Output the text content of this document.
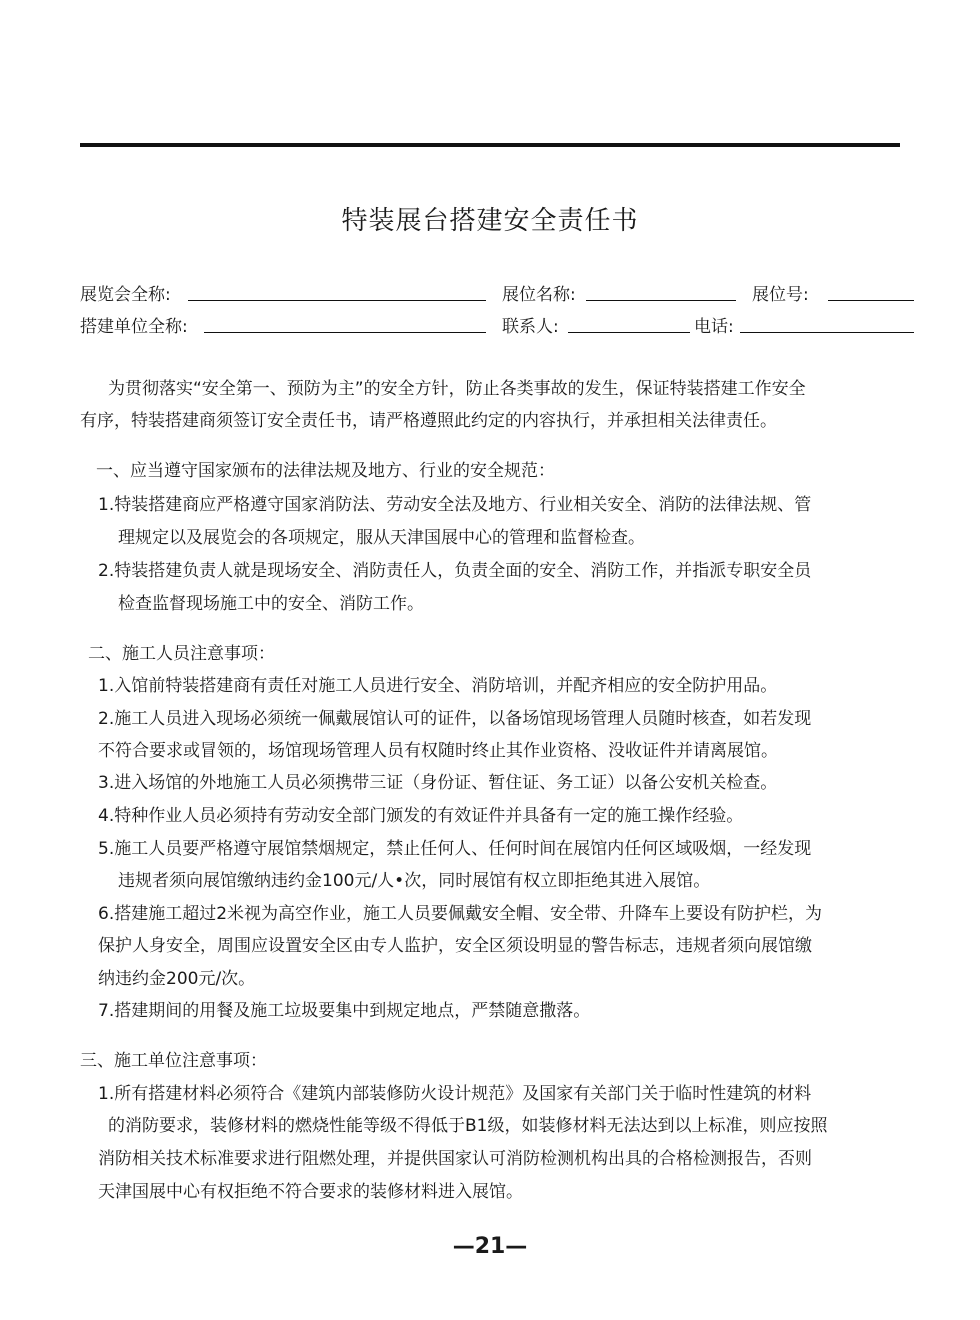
特装展台搭建安全责任书
展览会全称:	展位名称:	展位号:
搭建单位全称:	联系人:	电话:
为贯彻落实“安全第一、预防为主”的安全方针，防止各类事故的发生，保证特装搭建工作安全
有序，特装搭建商须签订安全责任书，请严格遵照此约定的内容执行，并承担相关法律责任。
一、应当遵守国家颁布的法律法规及地方、行业的安全规范：
1.特装搭建商应严格遵守国家消防法、劳动安全法及地方、行业相关安全、消防的法律法规、管
理规定以及展览会的各项规定，服从天津国展中心的管理和监督检查。
2.特装搭建负责人就是现场安全、消防责任人，负责全面的安全、消防工作，并指派专职安全员
检查监督现场施工中的安全、消防工作。
二、施工人员注意事项：
1.入馆前特装搭建商有责任对施工人员进行安全、消防培训，并配齐相应的安全防护用品。
2.施工人员进入现场必须统一佩戴展馆认可的证件，以备场馆现场管理人员随时核查，如若发现
不符合要求或冒领的，场馆现场管理人员有权随时终止其作业资格、没收证件并请离展馆。
3.进入场馆的外地施工人员必须携带三证（身份证、暂住证、务工证）以备公安机关检查。
4.特种作业人员必须持有劳动安全部门颁发的有效证件并具备有一定的施工操作经验。
5.施工人员要严格遵守展馆禁烟规定，禁止任何人、任何时间在展馆内任何区域吸烟，一经发现
违规者须向展馆缴纳违约金100元/人•次，同时展馆有权立即拒绝其进入展馆。
6.搭建施工超过2米视为高空作业，施工人员要佩戴安全帽、安全带、升降车上要设有防护栏，为
保护人身安全，周围应设置安全区由专人监护，安全区须设明显的警告标志，违规者须向展馆缴
纳违约金200元/次。
7.搭建期间的用餐及施工垃圾要集中到规定地点，严禁随意撒落。
三、施工单位注意事项：
1.所有搭建材料必须符合《建筑内部装修防火设计规范》及国家有关部门关于临时性建筑的材料
的消防要求，装修材料的燃烧性能等级不得低于B1级，如装修材料无法达到以上标准，则应按照
消防相关技术标准要求进行阻燃处理，并提供国家认可消防检测机构出具的合格检测报告，否则
天津国展中心有权拒绝不符合要求的装修材料进入展馆。
—21—
